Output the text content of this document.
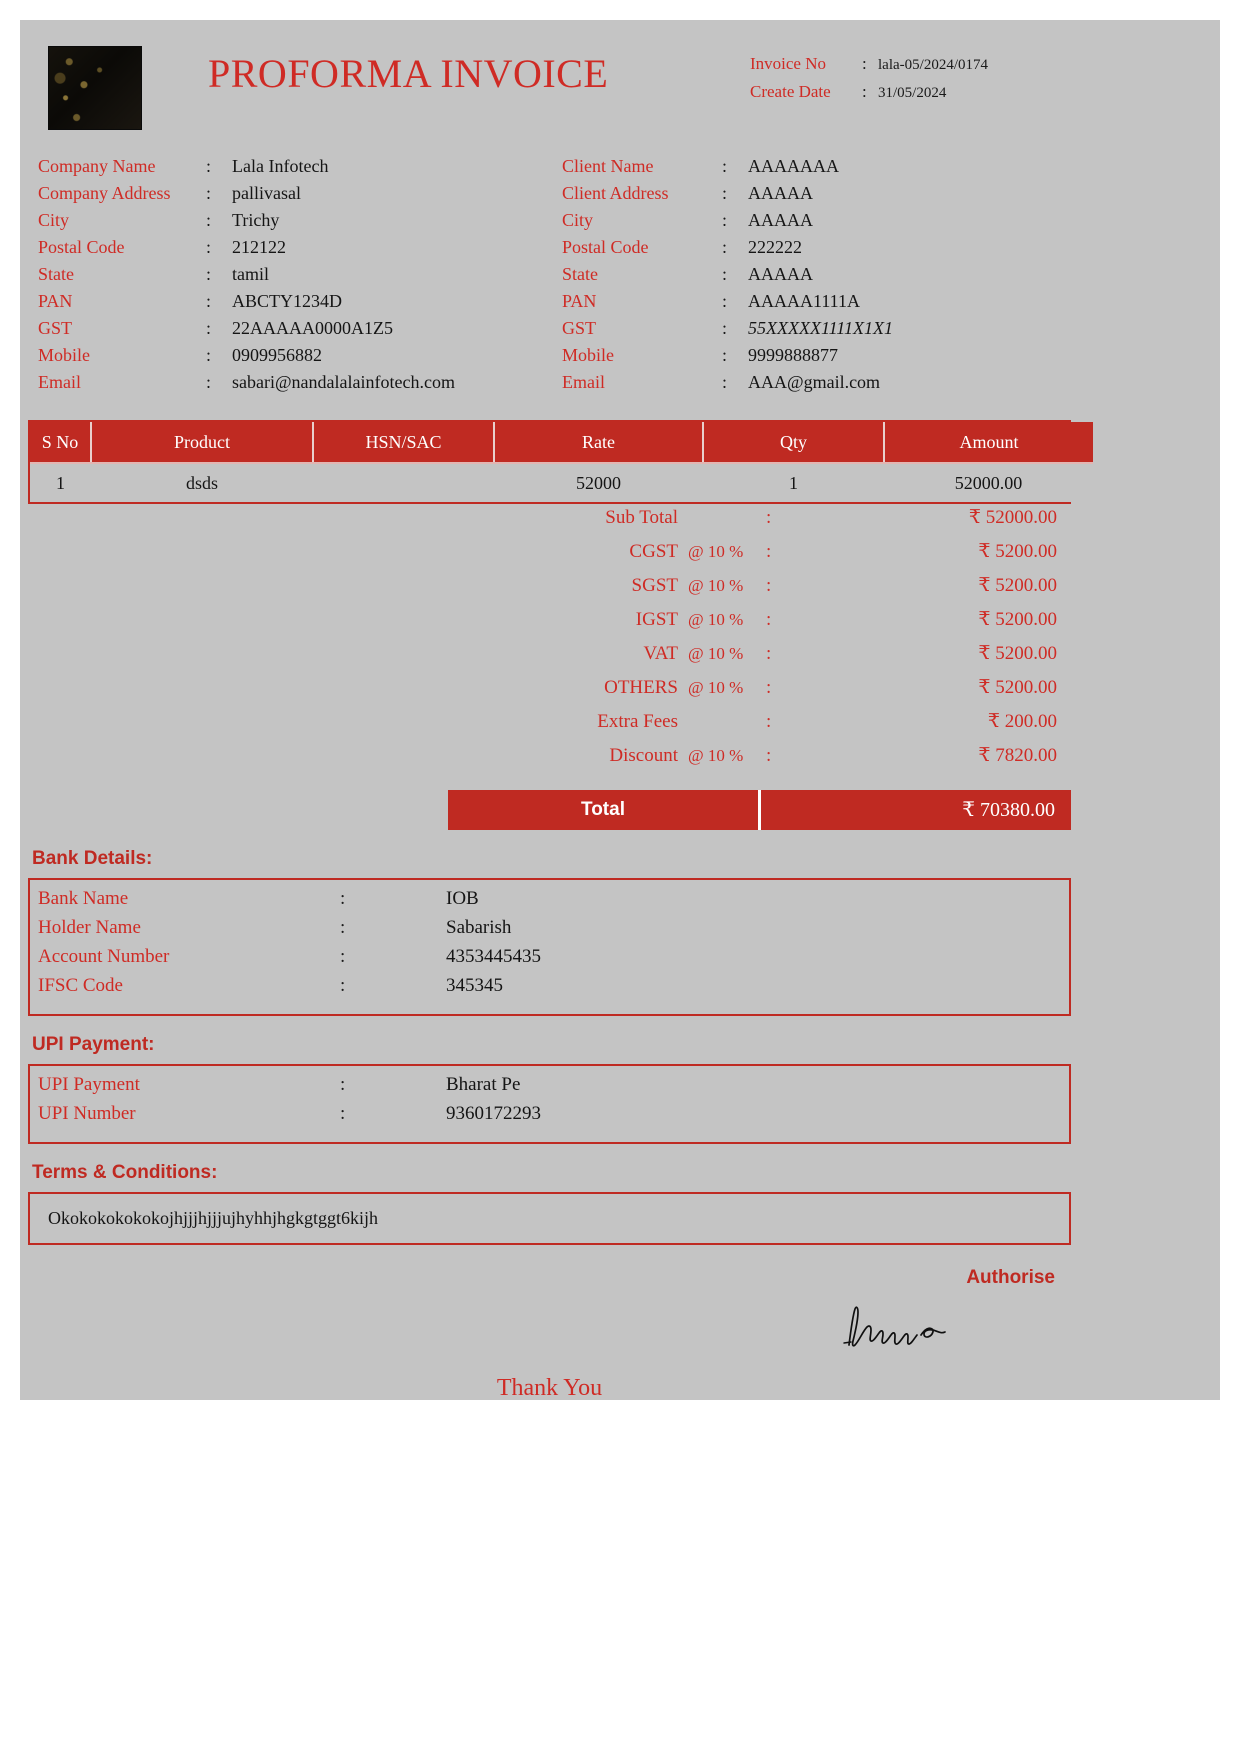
PROFORMA INVOICE	Invoice No	: lala-05/2024/0174
Create Date	: 31/05/2024
Company Name	:	Lala Infotech
Company Address	:	pallivasal
City	:	Trichy
Postal Code	:	212122
State	:	tamil
PAN	:	ABCTY1234D
GST	:	22AAAAA0000A1Z5
Mobile	:	0909956882
Email	:	sabari@nandalalainfotech.com
Client Name	:	AAAAAAA
Client Address	:	AAAAA
City	:	AAAAA
Postal Code	:	222222
State	:	AAAAA
PAN	:	AAAAA1111A
GST	:	55XXXXX1111X1X1
Mobile	:	9999888877
Email	:	AAA@gmail.com
S No	Product	HSN/SAC	Rate	Qty	Amount
1	dsds		52000	1	52000.00
Sub Total	:	₹ 52000.00
CGST @ 10 %	:	₹ 5200.00
SGST @ 10 %	:	₹ 5200.00
IGST @ 10 %	:	₹ 5200.00
VAT @ 10 %	:	₹ 5200.00
OTHERS @ 10 %	:	₹ 5200.00
Extra Fees	:	₹ 200.00
Discount @ 10 %	:	₹ 7820.00
Total	₹ 70380.00
Bank Details:
Bank Name	:	IOB
Holder Name	:	Sabarish
Account Number	:	4353445435
IFSC Code	:	345345
UPI Payment:
UPI Payment	:	Bharat Pe
UPI Number	:	9360172293
Terms & Conditions:
Okokokokokokojhjjjhjjjujhyhhjhgkgtggt6kijh
Authorise
Thank You
